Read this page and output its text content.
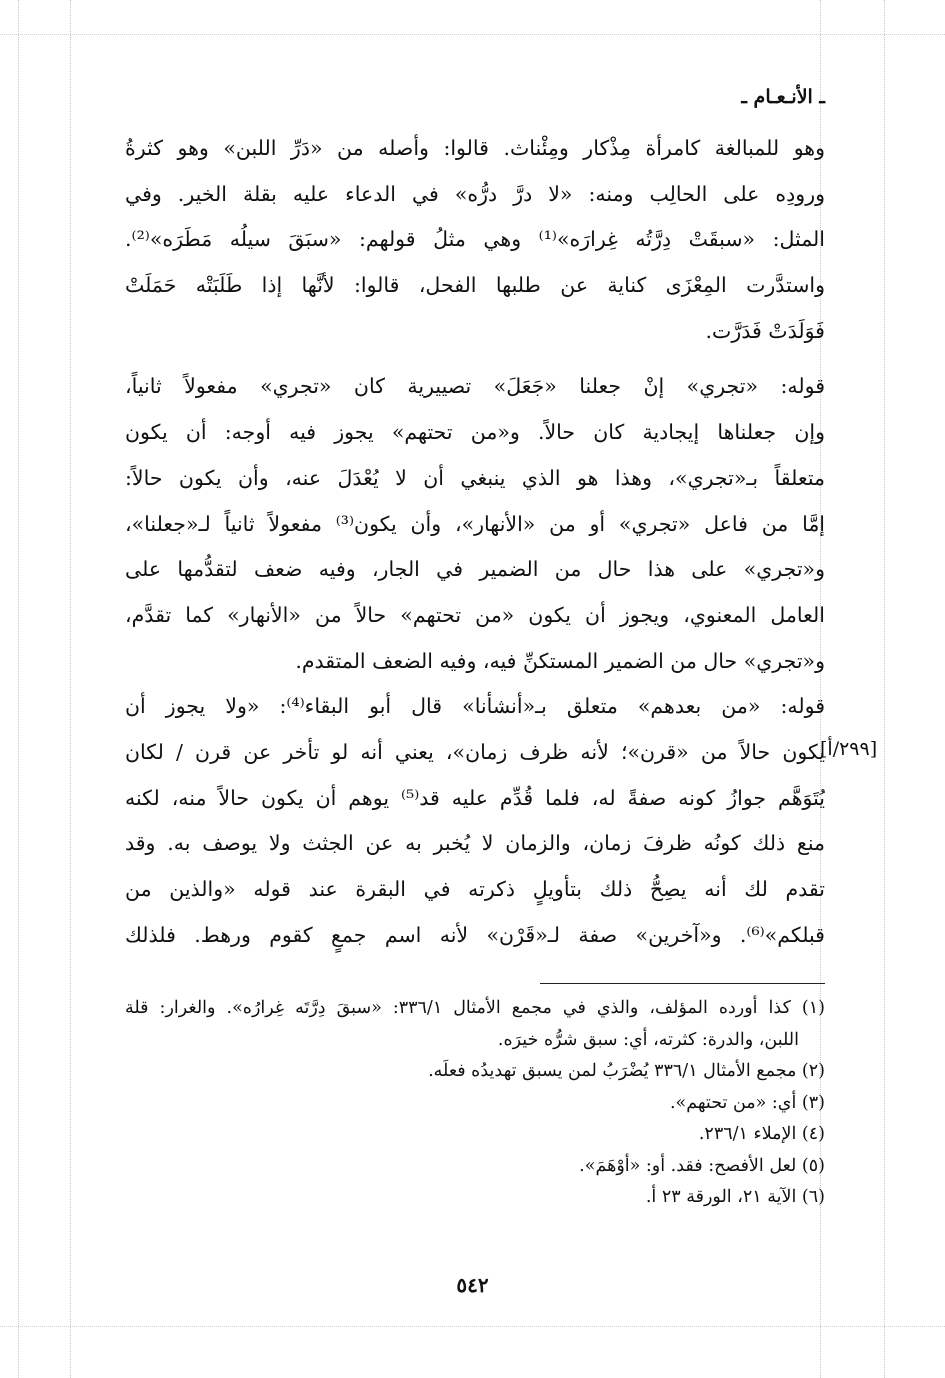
ـ الأنـعـام ـ
[٢٩٩/أ]
وهو للمبالغة كامرأة مِذْكار ومِئْناث. قالوا: وأصله من «دَرِّ اللبن» وهو كثرةُ
ورودِه على الحالِب ومنه: «لا درَّ درُّه» في الدعاء عليه بقلة الخير. وفي
المثل: «سبقَتْ دِرَّتُه غِرارَه»⁽¹⁾ وهي مثلُ قولهم: «سبَقَ سيلُه مَطَرَه»⁽²⁾.
واستدَّرت المِعْزَى كناية عن طلبها الفحل، قالوا: لأنَّها إذا طَلَبَتْه حَمَلَتْ
فَوَلَدَتْ فَدَرَّت.
قوله: «تجري» إنْ جعلنا «جَعَلَ» تصييرية كان «تجري» مفعولاً ثانياً،
وإن جعلناها إيجادية كان حالاً. و«من تحتهم» يجوز فيه أوجه: أن يكون
متعلقاً بـ«تجري»، وهذا هو الذي ينبغي أن لا يُعْدَلَ عنه، وأن يكون حالاً:
إمَّا من فاعل «تجري» أو من «الأنهار»، وأن يكون⁽³⁾ مفعولاً ثانياً لـ«جعلنا»،
و«تجري» على هذا حال من الضمير في الجار، وفيه ضعف لتقدُّمها على
العامل المعنوي، ويجوز أن يكون «من تحتهم» حالاً من «الأنهار» كما تقدَّم،
و«تجري» حال من الضمير المستكنِّ فيه، وفيه الضعف المتقدم.
قوله: «من بعدهم» متعلق بـ«أنشأنا» قال أبو البقاء⁽⁴⁾: «ولا يجوز أن
يكون حالاً من «قرن»؛ لأنه ظرف زمان»، يعني أنه لو تأخر عن قرن / لكان
يُتَوَهَّم جوازُ كونه صفةً له، فلما قُدِّم عليه قد⁽⁵⁾ يوهم أن يكون حالاً منه، لكنه
منع ذلك كونُه ظرفَ زمان، والزمان لا يُخبر به عن الجثث ولا يوصف به. وقد
تقدم لك أنه يصِحُّ ذلك بتأويلٍ ذكرته في البقرة عند قوله «والذين من
قبلكم»⁽⁶⁾. و«آخرين» صفة لـ«قَرْن» لأنه اسم جمعٍ كقوم ورهط. فلذلك
(١) كذا أورده المؤلف، والذي في مجمع الأمثال ٣٣٦/١: «سبقَ دِرَّتَه غِرارُه». والغرار: قلة
اللبن، والدرة: كثرته، أي: سبق شرُّه خيرَه.
(٢) مجمع الأمثال ٣٣٦/١ يُضْرَبُ لمن يسبق تهديدُه فعلَه.
(٣) أي: «من تحتهم».
(٤) الإملاء ٢٣٦/١.
(٥) لعل الأفصح: فقد. أو: «أوْهَمَ».
(٦) الآية ٢١، الورقة ٢٣ أ.
٥٤٢
